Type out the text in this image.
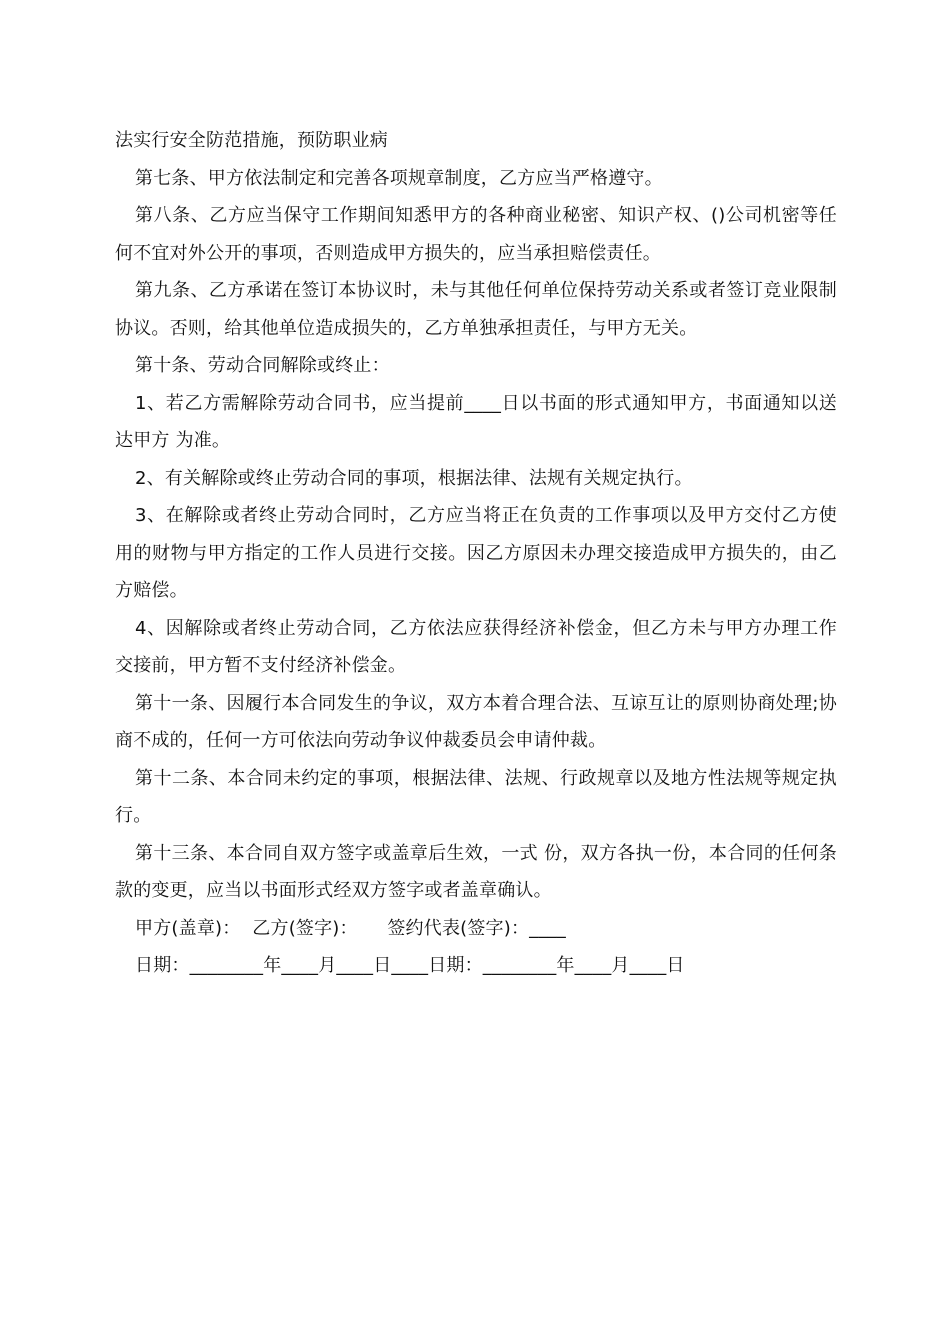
法实行安全防范措施，预防职业病

第七条、甲方依法制定和完善各项规章制度，乙方应当严格遵守。

第八条、乙方应当保守工作期间知悉甲方的各种商业秘密、知识产权、()公司机密等任何不宜对外公开的事项，否则造成甲方损失的，应当承担赔偿责任。

第九条、乙方承诺在签订本协议时，未与其他任何单位保持劳动关系或者签订竞业限制协议。否则，给其他单位造成损失的，乙方单独承担责任，与甲方无关。

第十条、劳动合同解除或终止：

1、若乙方需解除劳动合同书，应当提前____日以书面的形式通知甲方，书面通知以送达甲方 为准。

2、有关解除或终止劳动合同的事项，根据法律、法规有关规定执行。

3、在解除或者终止劳动合同时，乙方应当将正在负责的工作事项以及甲方交付乙方使用的财物与甲方指定的工作人员进行交接。因乙方原因未办理交接造成甲方损失的，由乙方赔偿。

4、因解除或者终止劳动合同，乙方依法应获得经济补偿金，但乙方未与甲方办理工作交接前，甲方暂不支付经济补偿金。

第十一条、因履行本合同发生的争议，双方本着合理合法、互谅互让的原则协商处理;协商不成的，任何一方可依法向劳动争议仲裁委员会申请仲裁。

第十二条、本合同未约定的事项，根据法律、法规、行政规章以及地方性法规等规定执行。

第十三条、本合同自双方签字或盖章后生效，一式 份，双方各执一份，本合同的任何条款的变更，应当以书面形式经双方签字或者盖章确认。

甲方(盖章)：  乙方(签字)：     签约代表(签字)：____

日期：________年____月____日____日期：________年____月____日
